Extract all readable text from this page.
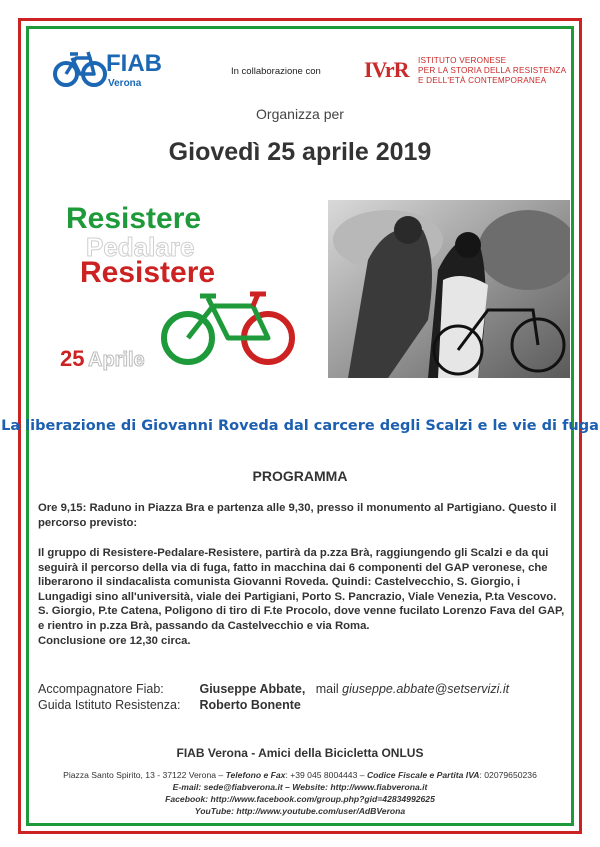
FIAB
Verona
In collaborazione con IVrR ISTITUTO VERONESE
PER LA STORIA DELLA RESISTENZA
E DELL'ETÀ CONTEMPORANEA
Organizza per
Giovedì 25 aprile 2019
Resistere
Pedalare
Resistere
25 Aprile
La liberazione di Giovanni Roveda dal carcere degli Scalzi e le vie di fuga
PROGRAMMA
Ore 9,15: Raduno in Piazza Bra e partenza alle 9,30, presso il monumento al Partigiano. Questo il percorso previsto:
Il gruppo di Resistere-Pedalare-Resistere, partirà da p.zza Brà, raggiungendo gli Scalzi e da qui seguirà il percorso della via di fuga, fatto in macchina dai 6 componenti del GAP veronese, che liberarono il sindacalista comunista Giovanni Roveda. Quindi: Castelvecchio, S. Giorgio, i Lungadigi sino all'università, viale dei Partigiani, Porto S. Pancrazio, Viale Venezia, P.ta Vescovo. S. Giorgio, P.te Catena, Poligono di tiro di F.te Procolo, dove venne fucilato Lorenzo Fava del GAP, e rientro in p.zza Brà, passando da Castelvecchio e via Roma.
Conclusione ore 12,30 circa.
Accompagnatore Fiab:	Giuseppe Abbate, mail giuseppe.abbate@setservizi.it
Guida Istituto Resistenza: Roberto Bonente
FIAB Verona - Amici della Bicicletta ONLUS
Piazza Santo Spirito, 13 - 37122 Verona – Telefono e Fax: +39 045 8004443 – Codice Fiscale e Partita IVA: 02079650236
E-mail: sede@fiabverona.it – Website: http://www.fiabverona.it
Facebook: http://www.facebook.com/group.php?gid=42834992625
YouTube: http://www.youtube.com/user/AdBVerona
